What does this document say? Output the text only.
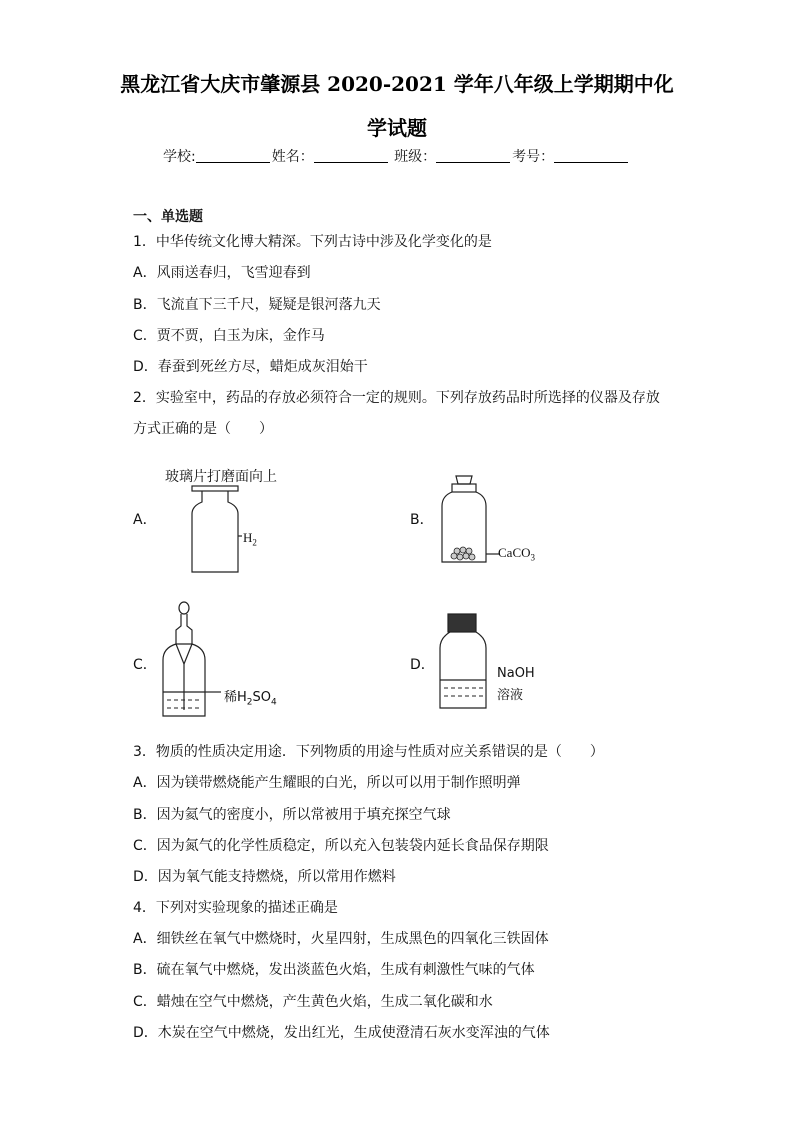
黑龙江省大庆市肇源县 2020-2021 学年八年级上学期期中化
学试题
学校:	姓名：	班级：	考号：
一、单选题
1．中华传统文化博大精深。下列古诗中涉及化学变化的是
A．风雨送春归，飞雪迎春到
B．飞流直下三千尺，疑疑是银河落九天
C．贾不贾，白玉为床，金作马
D．春蚕到死丝方尽，蜡炬成灰泪始干
2．实验室中，药品的存放必须符合一定的规则。下列存放药品时所选择的仪器及存放
方式正确的是（　　）
A．	B．
C．	D．
玻璃片打磨面向上
$H_2$
CaCO$_3$
稀$H_2SO_4$
NaOH
溶液
3．物质的性质决定用途．下列物质的用途与性质对应关系错误的是（　　）
A．因为镁带燃烧能产生耀眼的白光，所以可以用于制作照明弹
B．因为氦气的密度小，所以常被用于填充探空气球
C．因为氮气的化学性质稳定，所以充入包装袋内延长食品保存期限
D．因为氧气能支持燃烧，所以常用作燃料
4．下列对实验现象的描述正确是
A．细铁丝在氧气中燃烧时，火星四射，生成黑色的四氧化三铁固体
B．硫在氧气中燃烧，发出淡蓝色火焰，生成有刺激性气味的气体
C．蜡烛在空气中燃烧，产生黄色火焰，生成二氧化碳和水
D．木炭在空气中燃烧，发出红光，生成使澄清石灰水变浑浊的气体
